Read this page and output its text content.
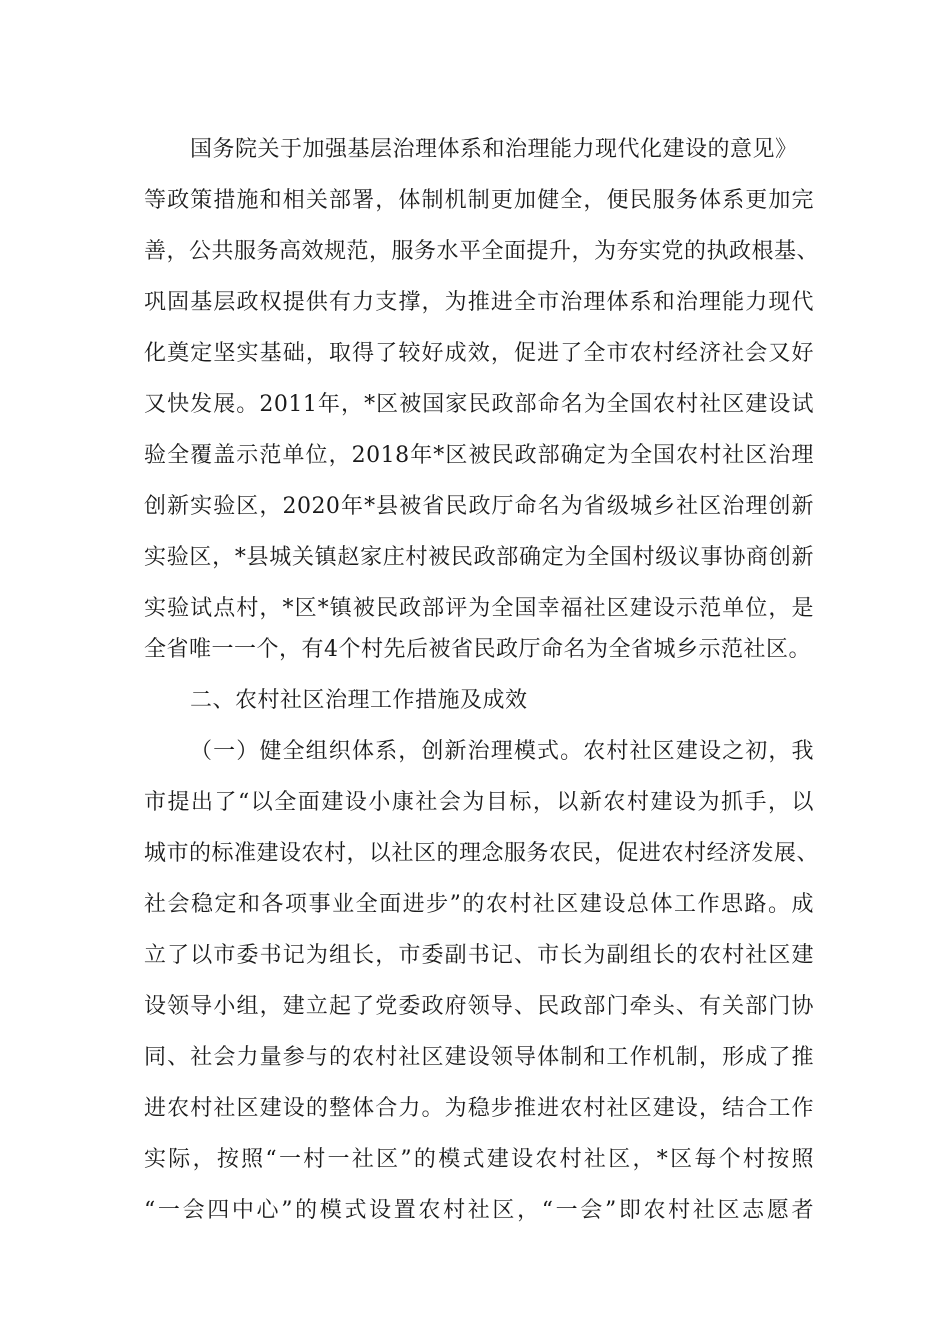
国务院关于加强基层治理体系和治理能力现代化建设的意见》
等政策措施和相关部署，体制机制更加健全，便民服务体系更加完
善，公共服务高效规范，服务水平全面提升，为夯实党的执政根基、
巩固基层政权提供有力支撑，为推进全市治理体系和治理能力现代
化奠定坚实基础，取得了较好成效，促进了全市农村经济社会又好
又快发展。2011年，*区被国家民政部命名为全国农村社区建设试
验全覆盖示范单位，2018年*区被民政部确定为全国农村社区治理
创新实验区，2020年*县被省民政厅命名为省级城乡社区治理创新
实验区，*县城关镇赵家庄村被民政部确定为全国村级议事协商创新
实验试点村，*区*镇被民政部评为全国幸福社区建设示范单位，是
全省唯一一个，有4个村先后被省民政厅命名为全省城乡示范社区。
二、农村社区治理工作措施及成效
（一）健全组织体系，创新治理模式。农村社区建设之初，我
市提出了“以全面建设小康社会为目标，以新农村建设为抓手，以
城市的标准建设农村，以社区的理念服务农民，促进农村经济发展、
社会稳定和各项事业全面进步”的农村社区建设总体工作思路。成
立了以市委书记为组长，市委副书记、市长为副组长的农村社区建
设领导小组，建立起了党委政府领导、民政部门牵头、有关部门协
同、社会力量参与的农村社区建设领导体制和工作机制，形成了推
进农村社区建设的整体合力。为稳步推进农村社区建设，结合工作
实际，按照“一村一社区”的模式建设农村社区，*区每个村按照
“一会四中心”的模式设置农村社区，“一会”即农村社区志愿者
